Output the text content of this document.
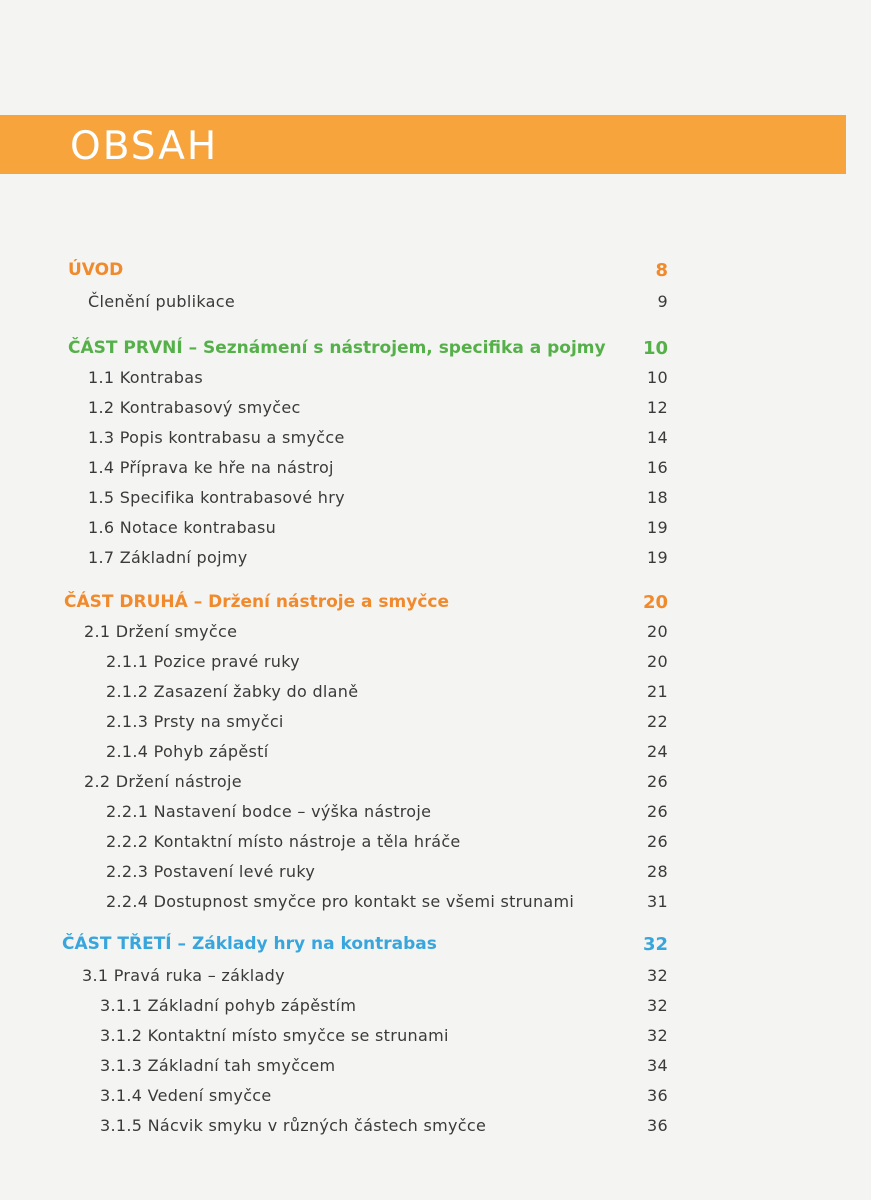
OBSAH
ÚVOD	8
Členění publikace	9
ČÁST PRVNÍ – Seznámení s nástrojem, specifika a pojmy 10
1.1 Kontrabas	10
1.2 Kontrabasový smyčec	12
1.3 Popis kontrabasu a smyčce	14
1.4 Příprava ke hře na nástroj	16
1.5 Specifika kontrabasové hry	18
1.6 Notace kontrabasu	19
1.7 Základní pojmy	19
ČÁST DRUHÁ – Držení nástroje a smyčce	20
2.1 Držení smyčce	20
2.1.1 Pozice pravé ruky	20
2.1.2 Zasazení žabky do dlaně	21
2.1.3 Prsty na smyčci	22
2.1.4 Pohyb zápěstí	24
2.2 Držení nástroje	26
2.2.1 Nastavení bodce – výška nástroje	26
2.2.2 Kontaktní místo nástroje a těla hráče	26
2.2.3 Postavení levé ruky	28
2.2.4 Dostupnost smyčce pro kontakt se všemi strunami	31
ČÁST TŘETÍ – Základy hry na kontrabas	32
3.1 Pravá ruka – základy	32
3.1.1 Základní pohyb zápěstím	32
3.1.2 Kontaktní místo smyčce se strunami	32
3.1.3 Základní tah smyčcem	34
3.1.4 Vedení smyčce	36
3.1.5 Nácvik smyku v různých částech smyčce	36
